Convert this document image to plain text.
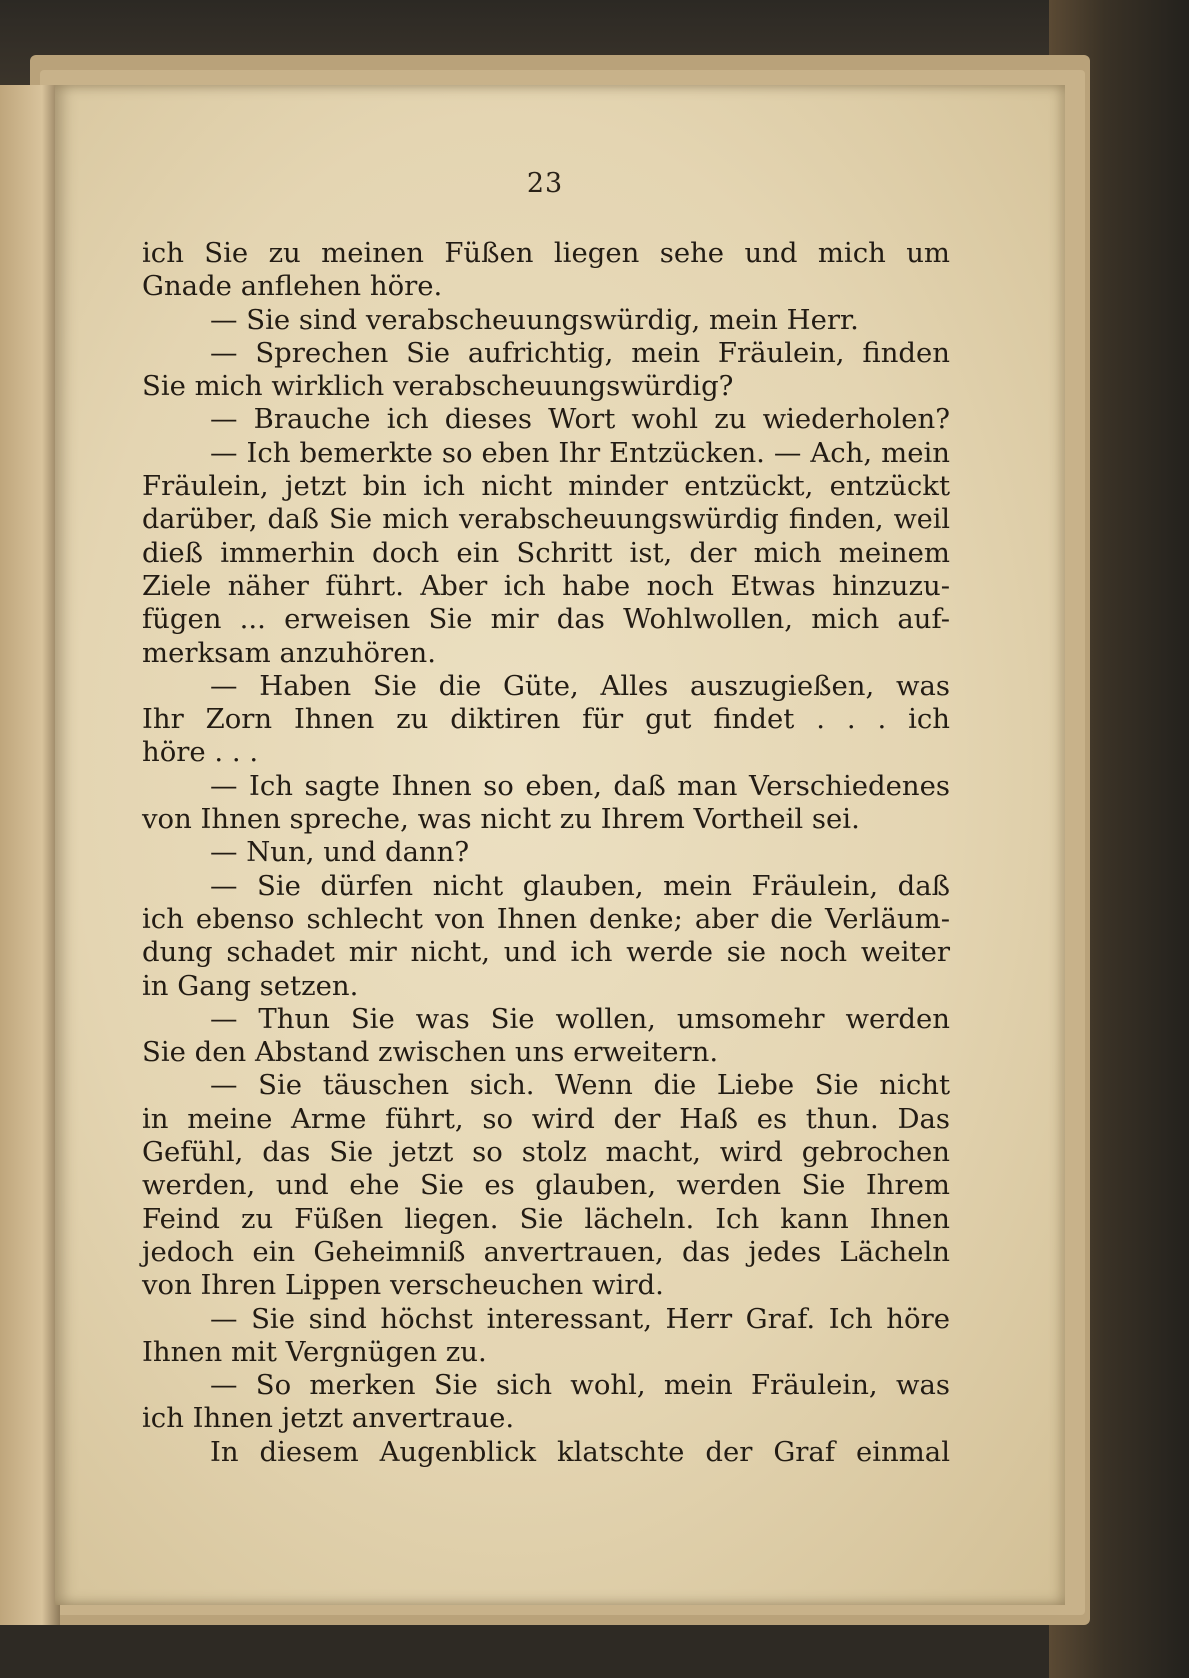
23
ich Sie zu meinen Füßen liegen sehe und mich um
Gnade anflehen höre.
— Sie sind verabscheuungswürdig, mein Herr.
— Sprechen Sie aufrichtig, mein Fräulein, finden
Sie mich wirklich verabscheuungswürdig?
— Brauche ich dieses Wort wohl zu wiederholen?
— Ich bemerkte so eben Ihr Entzücken. — Ach, mein
Fräulein, jetzt bin ich nicht minder entzückt, entzückt
darüber, daß Sie mich verabscheuungswürdig finden, weil
dieß immerhin doch ein Schritt ist, der mich meinem
Ziele näher führt. Aber ich habe noch Etwas hinzuzu-
fügen ... erweisen Sie mir das Wohlwollen, mich auf-
merksam anzuhören.
— Haben Sie die Güte, Alles auszugießen, was
Ihr Zorn Ihnen zu diktiren für gut findet . . . ich
höre . . .
— Ich sagte Ihnen so eben, daß man Verschiedenes
von Ihnen spreche, was nicht zu Ihrem Vortheil sei.
— Nun, und dann?
— Sie dürfen nicht glauben, mein Fräulein, daß
ich ebenso schlecht von Ihnen denke; aber die Verläum-
dung schadet mir nicht, und ich werde sie noch weiter
in Gang setzen.
— Thun Sie was Sie wollen, umsomehr werden
Sie den Abstand zwischen uns erweitern.
— Sie täuschen sich. Wenn die Liebe Sie nicht
in meine Arme führt, so wird der Haß es thun. Das
Gefühl, das Sie jetzt so stolz macht, wird gebrochen
werden, und ehe Sie es glauben, werden Sie Ihrem
Feind zu Füßen liegen. Sie lächeln. Ich kann Ihnen
jedoch ein Geheimniß anvertrauen, das jedes Lächeln
von Ihren Lippen verscheuchen wird.
— Sie sind höchst interessant, Herr Graf. Ich höre
Ihnen mit Vergnügen zu.
— So merken Sie sich wohl, mein Fräulein, was
ich Ihnen jetzt anvertraue.
In diesem Augenblick klatschte der Graf einmal
